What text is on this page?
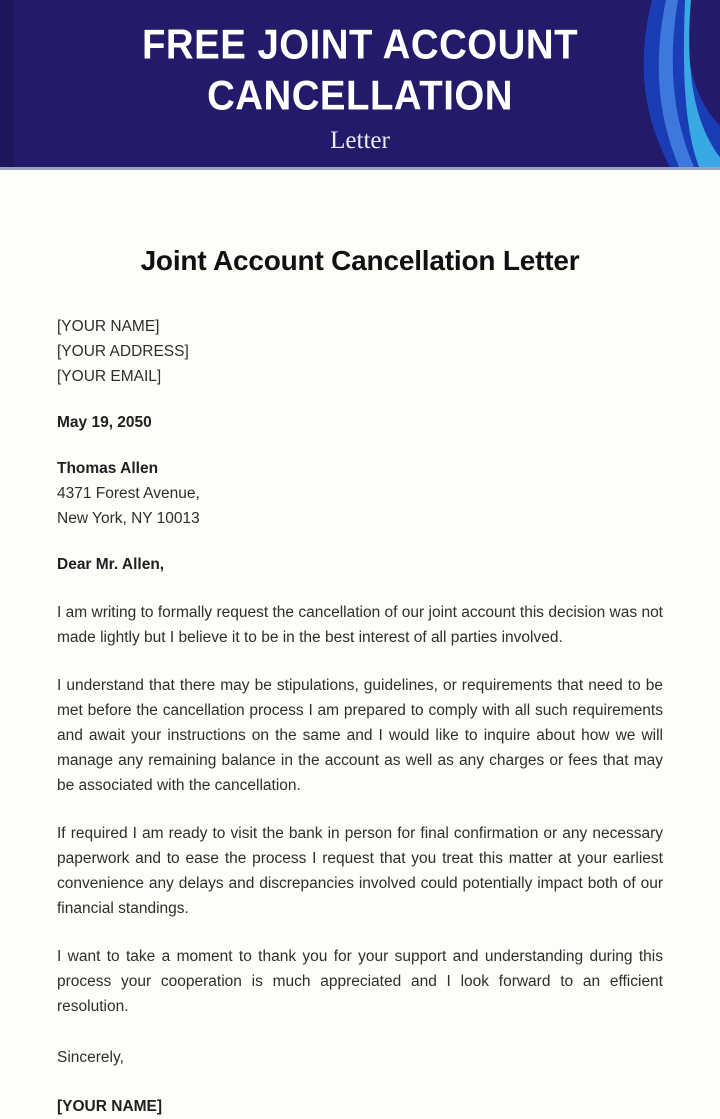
FREE JOINT ACCOUNT
CANCELLATION
Letter
Joint Account Cancellation Letter
[YOUR NAME]
[YOUR ADDRESS]
[YOUR EMAIL]
May 19, 2050
Thomas Allen
4371 Forest Avenue,
New York, NY 10013
Dear Mr. Allen,

I am writing to formally request the cancellation of our joint account this decision was not made lightly but I believe it to be in the best interest of all parties involved.

I understand that there may be stipulations, guidelines, or requirements that need to be met before the cancellation process I am prepared to comply with all such requirements and await your instructions on the same and I would like to inquire about how we will manage any remaining balance in the account as well as any charges or fees that may be associated with the cancellation.

If required I am ready to visit the bank in person for final confirmation or any necessary paperwork and to ease the process I request that you treat this matter at your earliest convenience any delays and discrepancies involved could potentially impact both of our financial standings.

I want to take a moment to thank you for your support and understanding during this process your cooperation is much appreciated and I look forward to an efficient resolution.

Sincerely,
[YOUR NAME]
